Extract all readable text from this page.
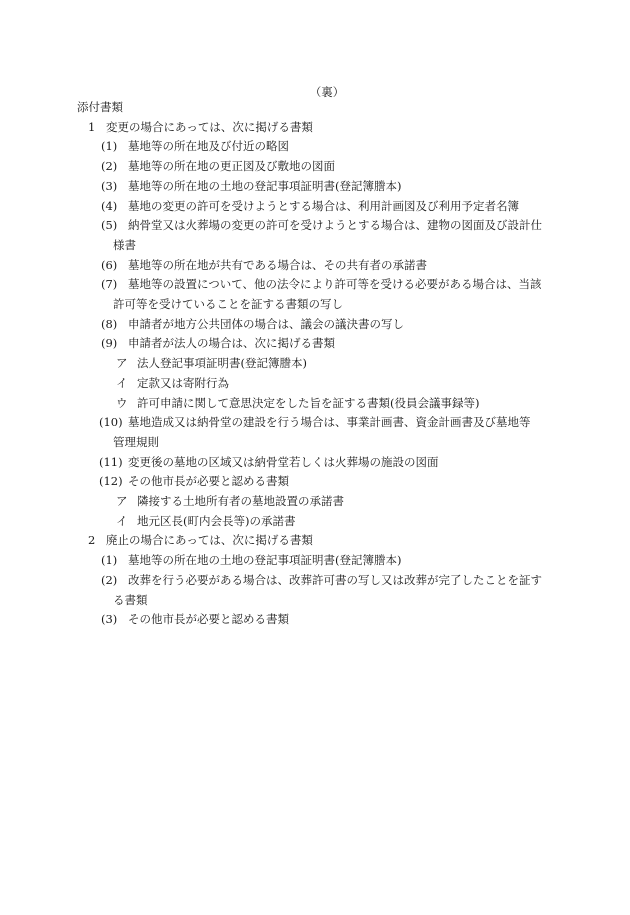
（裏）
添付書類
1 変更の場合にあっては、次に掲げる書類
(1) 墓地等の所在地及び付近の略図
(2) 墓地等の所在地の更正図及び敷地の図面
(3) 墓地等の所在地の土地の登記事項証明書(登記簿謄本)
(4) 墓地の変更の許可を受けようとする場合は、利用計画図及び利用予定者名簿
(5) 納骨堂又は火葬場の変更の許可を受けようとする場合は、建物の図面及び設計仕
様書
(6) 墓地等の所在地が共有である場合は、その共有者の承諾書
(7) 墓地等の設置について、他の法令により許可等を受ける必要がある場合は、当該
許可等を受けていることを証する書類の写し
(8) 申請者が地方公共団体の場合は、議会の議決書の写し
(9) 申請者が法人の場合は、次に掲げる書類
ア 法人登記事項証明書(登記簿謄本)
イ 定款又は寄附行為
ウ 許可申請に関して意思決定をした旨を証する書類(役員会議事録等)
(10) 墓地造成又は納骨堂の建設を行う場合は、事業計画書、資金計画書及び墓地等
管理規則
(11) 変更後の墓地の区域又は納骨堂若しくは火葬場の施設の図面
(12) その他市長が必要と認める書類
ア 隣接する土地所有者の墓地設置の承諾書
イ 地元区長(町内会長等)の承諾書
2 廃止の場合にあっては、次に掲げる書類
(1) 墓地等の所在地の土地の登記事項証明書(登記簿謄本)
(2) 改葬を行う必要がある場合は、改葬許可書の写し又は改葬が完了したことを証す
る書類
(3) その他市長が必要と認める書類
